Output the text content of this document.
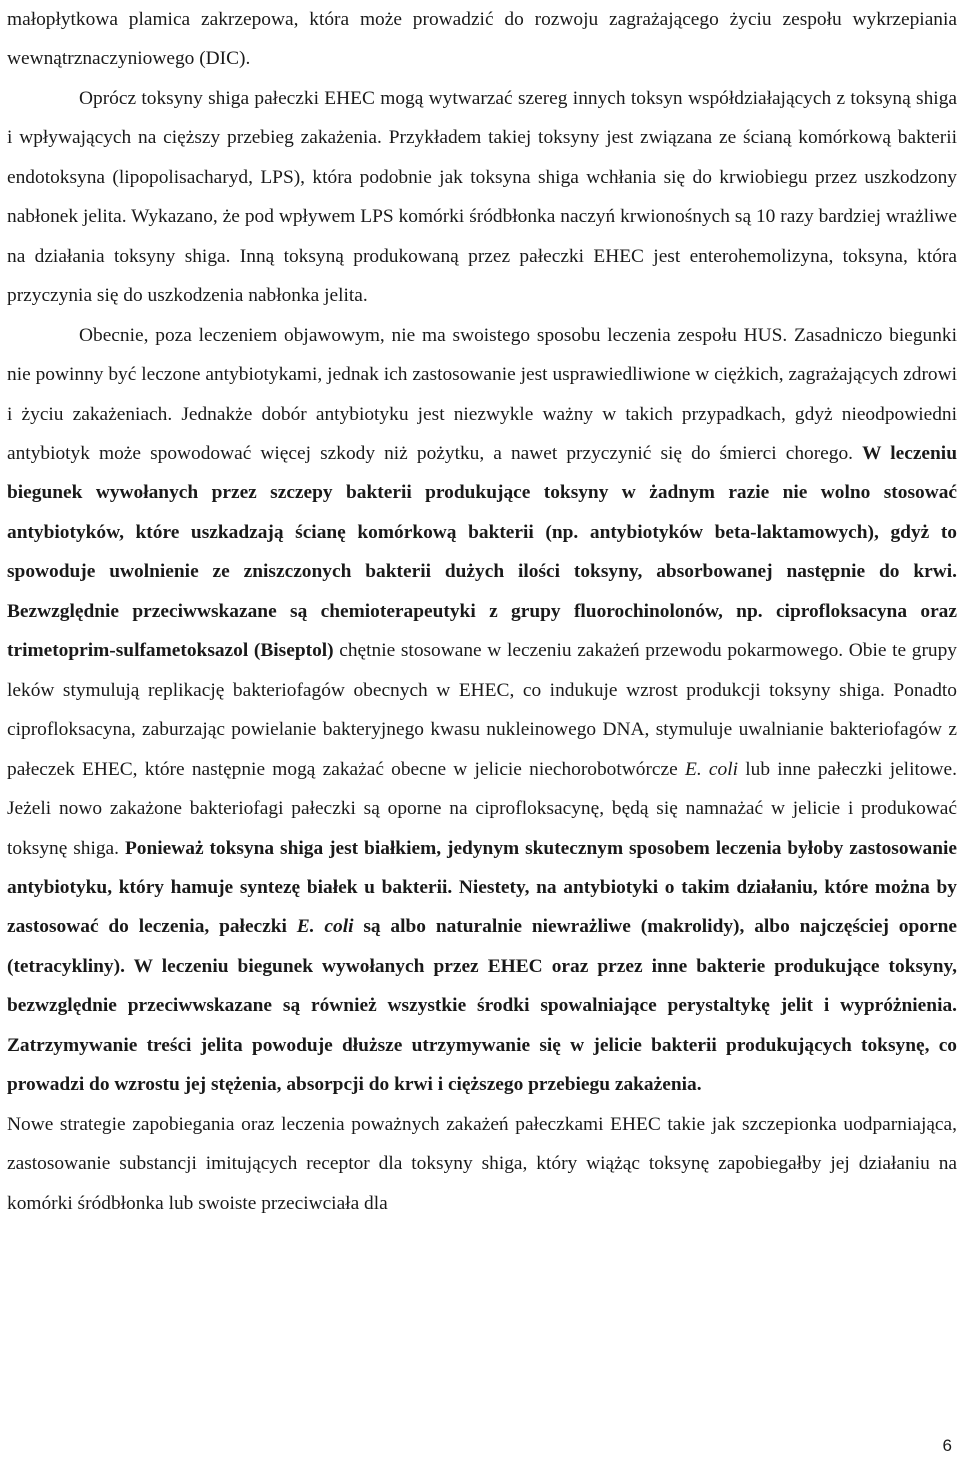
małopłytkowa plamica zakrzepowa, która może prowadzić do rozwoju zagrażającego życiu zespołu wykrzepiania wewnątrznaczyniowego (DIC).

Oprócz toksyny shiga pałeczki EHEC mogą wytwarzać szereg innych toksyn współdziałających z toksyną shiga i wpływających na cięższy przebieg zakażenia. Przykładem takiej toksyny jest związana ze ścianą komórkową bakterii endotoksyna (lipopolisacharyd, LPS), która podobnie jak toksyna shiga wchłania się do krwiobiegu przez uszkodzony nabłonek jelita. Wykazano, że pod wpływem LPS komórki śródbłonka naczyń krwionośnych są 10 razy bardziej wrażliwe na działania toksyny shiga. Inną toksyną produkowaną przez pałeczki EHEC jest enterohemolizyna, toksyna, która przyczynia się do uszkodzenia nabłonka jelita.

Obecnie, poza leczeniem objawowym, nie ma swoistego sposobu leczenia zespołu HUS. Zasadniczo biegunki nie powinny być leczone antybiotykami, jednak ich zastosowanie jest usprawiedliwione w ciężkich, zagrażających zdrowi i życiu zakażeniach. Jednakże dobór antybiotyku jest niezwykle ważny w takich przypadkach, gdyż nieodpowiedni antybiotyk może spowodować więcej szkody niż pożytku, a nawet przyczynić się do śmierci chorego. W leczeniu biegunek wywołanych przez szczepy bakterii produkujące toksyny w żadnym razie nie wolno stosować antybiotyków, które uszkadzają ścianę komórkową bakterii (np. antybiotyków beta-laktamowych), gdyż to spowoduje uwolnienie ze zniszczonych bakterii dużych ilości toksyny, absorbowanej następnie do krwi. Bezwzględnie przeciwwskazane są chemioterapeutyki z grupy fluorochinolonów, np. ciprofloksacyna oraz trimetoprim-sulfametoksazol (Biseptol) chętnie stosowane w leczeniu zakażeń przewodu pokarmowego. Obie te grupy leków stymulują replikację bakteriofagów obecnych w EHEC, co indukuje wzrost produkcji toksyny shiga. Ponadto ciprofloksacyna, zaburzając powielanie bakteryjnego kwasu nukleinowego DNA, stymuluje uwalnianie bakteriofagów z pałeczek EHEC, które następnie mogą zakażać obecne w jelicie niechorobotwórcze E. coli lub inne pałeczki jelitowe. Jeżeli nowo zakażone bakteriofagi pałeczki są oporne na ciprofloksacynę, będą się namnażać w jelicie i produkować toksynę shiga. Ponieważ toksyna shiga jest białkiem, jedynym skutecznym sposobem leczenia byłoby zastosowanie antybiotyku, który hamuje syntezę białek u bakterii. Niestety, na antybiotyki o takim działaniu, które można by zastosować do leczenia, pałeczki E. coli są albo naturalnie niewrażliwe (makrolidy), albo najczęściej oporne (tetracykliny). W leczeniu biegunek wywołanych przez EHEC oraz przez inne bakterie produkujące toksyny, bezwzględnie przeciwwskazane są również wszystkie środki spowalniające perystaltykę jelit i wypróżnienia. Zatrzymywanie treści jelita powoduje dłuższe utrzymywanie się w jelicie bakterii produkujących toksynę, co prowadzi do wzrostu jej stężenia, absorpcji do krwi i cięższego przebiegu zakażenia.

Nowe strategie zapobiegania oraz leczenia poważnych zakażeń pałeczkami EHEC takie jak szczepionka uodparniająca, zastosowanie substancji imitujących receptor dla toksyny shiga, który wiążąc toksynę zapobiegałby jej działaniu na komórki śródbłonka lub swoiste przeciwciała dla

6
